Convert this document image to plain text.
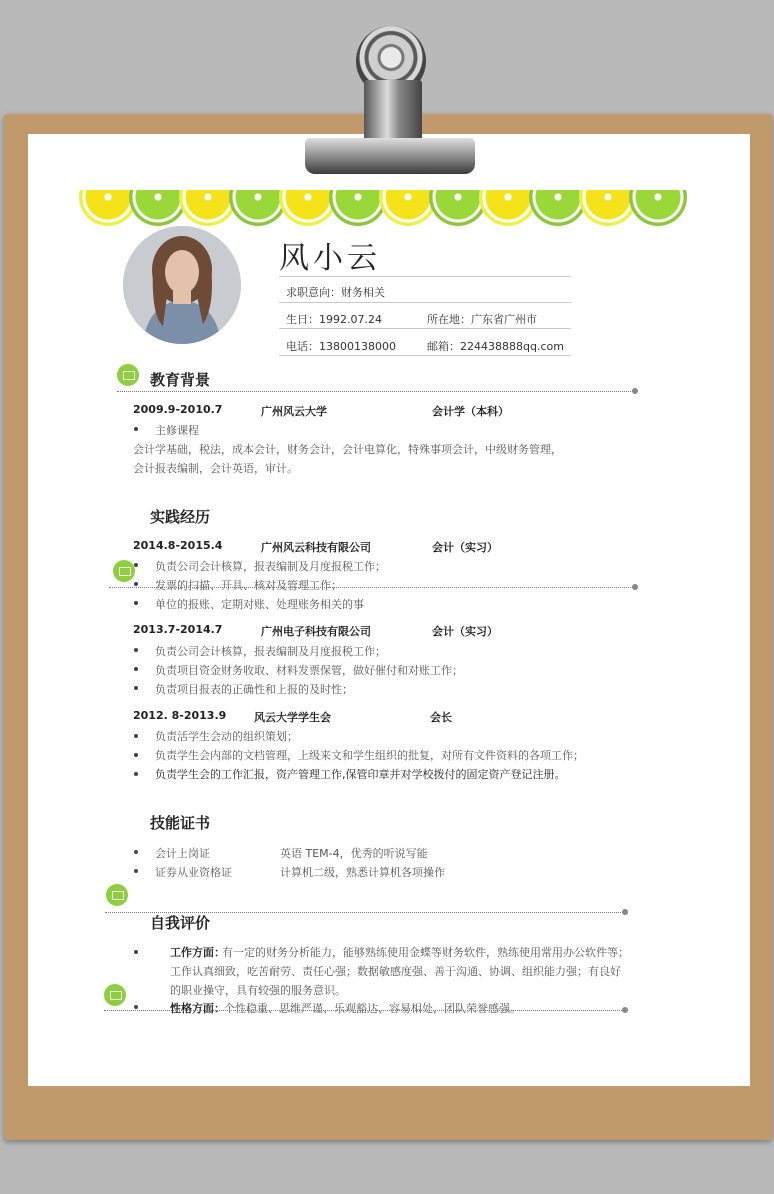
风小云
求职意向：财务相关
生日：1992.07.24	所在地：广东省广州市
电话：13800138000	邮箱：224438888qq.com
教育背景
2009.9-2010.7	广州风云大学	会计学（本科）
主修课程
会计学基础，税法，成本会计，财务会计，会计电算化，特殊事项会计，中级财务管理，
会计报表编制，会计英语，审计。
实践经历
2014.8-2015.4	广州风云科技有限公司	会计（实习）
负责公司会计核算，报表编制及月度报税工作；
发票的扫描、开具、核对及管理工作；
单位的报账、定期对账、处理账务相关的事
2013.7-2014.7	广州电子科技有限公司	会计（实习）
负责公司会计核算，报表编制及月度报税工作；
负责项目资金财务收取、材料发票保管，做好催付和对账工作；
负责项目报表的正确性和上报的及时性；
2012. 8-2013.9	风云大学学生会	会长
负责活学生会动的组织策划；
负责学生会内部的文档管理，上级来文和学生组织的批复，对所有文件资料的各项工作；
负责学生会的工作汇报，资产管理工作,保管印章并对学校拨付的固定资产登记注册。
技能证书
会计上岗证	英语 TEM-4，优秀的听说写能
证券从业资格证	计算机二级，熟悉计算机各项操作
自我评价
工作方面：
有一定的财务分析能力，能够熟练使用金蝶等财务软件，熟练使用常用办公软件等；
工作认真细致，吃苦耐劳、责任心强；数据敏感度强、善于沟通、协调、组织能力强；有良好
的职业操守，具有较强的服务意识。
性格方面： 个性稳重、思维严谨、乐观豁达、容易相处，团队荣誉感强。
